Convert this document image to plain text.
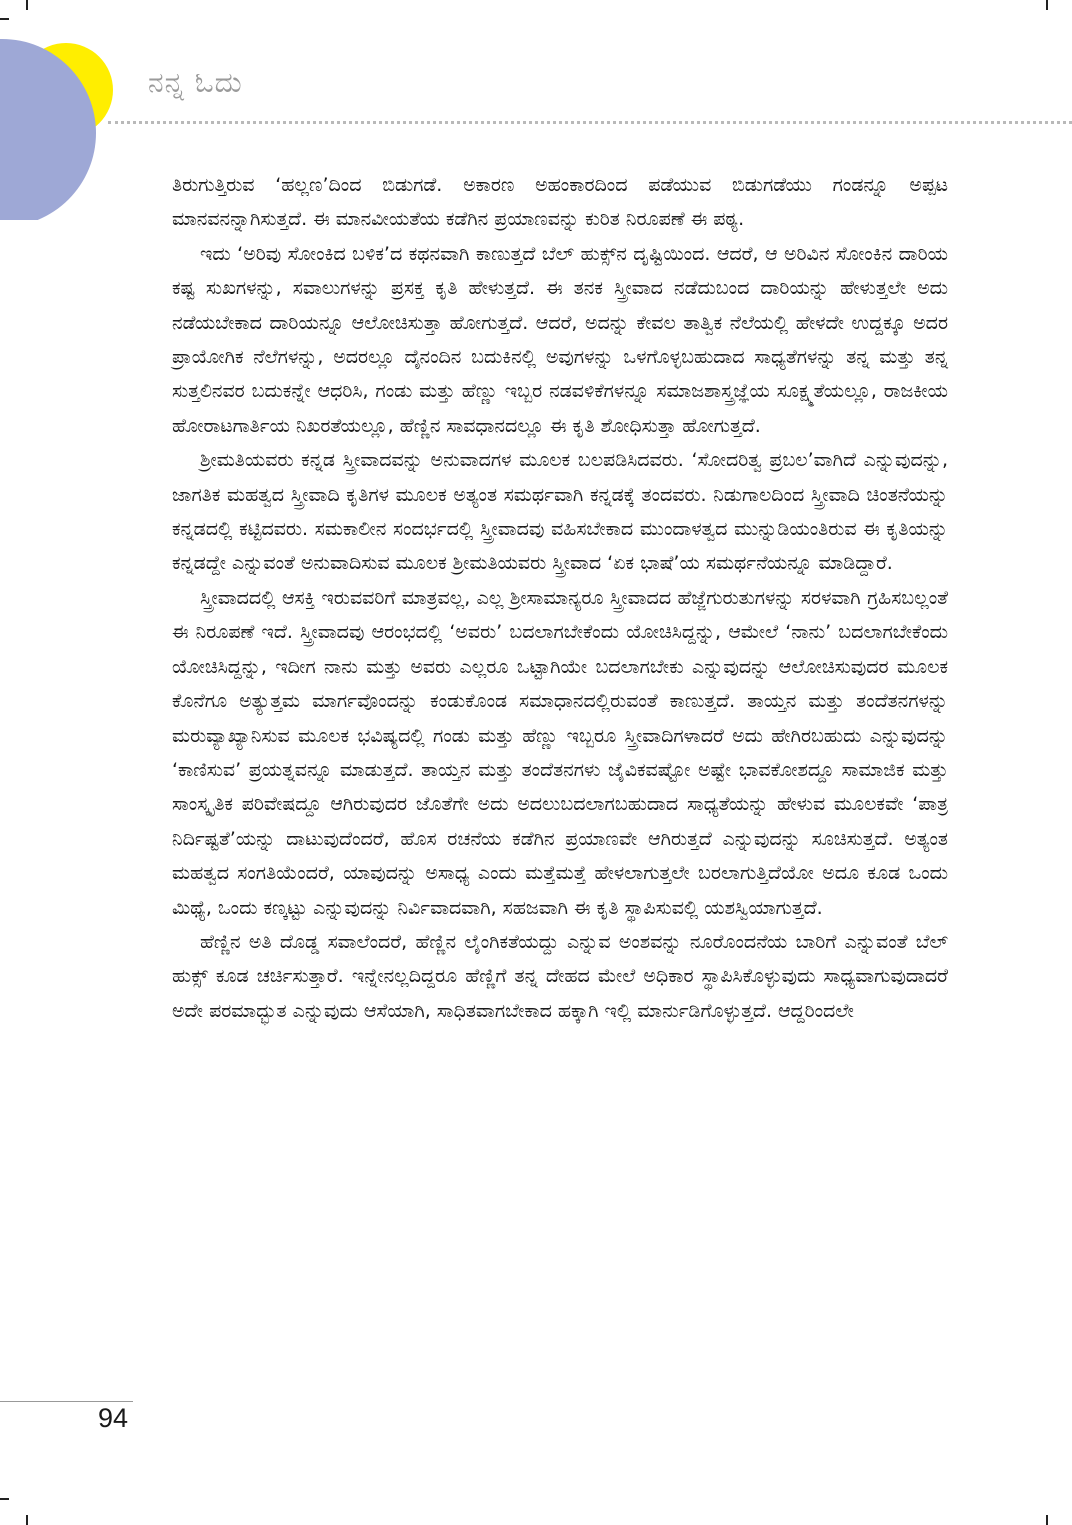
ನನ್ನ ಓದು

ತಿರುಗುತ್ತಿರುವ ‘ಹಲ್ಲಣ’ದಿಂದ ಬಿಡುಗಡೆ. ಅಕಾರಣ ಅಹಂಕಾರದಿಂದ ಪಡೆಯುವ ಬಿಡುಗಡೆಯು ಗಂಡನ್ನೂ ಅಪ್ಪಟ ಮಾನವನನ್ನಾಗಿಸುತ್ತದೆ. ಈ ಮಾನವೀಯತೆಯ ಕಡೆಗಿನ ಪ್ರಯಾಣವನ್ನು ಕುರಿತ ನಿರೂಪಣೆ ಈ ಪಠ್ಯ.

ಇದು ‘ಅರಿವು ಸೋಂಕಿದ ಬಳಿಕ’ದ ಕಥನವಾಗಿ ಕಾಣುತ್ತದೆ ಬೆಲ್ ಹುಕ್ಸ್‌ನ ದೃಷ್ಟಿಯಿಂದ. ಆದರೆ, ಆ ಅರಿವಿನ ಸೋಂಕಿನ ದಾರಿಯ ಕಷ್ಟ ಸುಖಗಳನ್ನು, ಸವಾಲುಗಳನ್ನು ಪ್ರಸಕ್ತ ಕೃತಿ ಹೇಳುತ್ತದೆ. ಈ ತನಕ ಸ್ತ್ರೀವಾದ ನಡೆದುಬಂದ ದಾರಿಯನ್ನು ಹೇಳುತ್ತಲೇ ಅದು ನಡೆಯಬೇಕಾದ ದಾರಿಯನ್ನೂ ಆಲೋಚಿಸುತ್ತಾ ಹೋಗುತ್ತದೆ. ಆದರೆ, ಅದನ್ನು ಕೇವಲ ತಾತ್ವಿಕ ನೆಲೆಯಲ್ಲಿ ಹೇಳದೇ ಉದ್ದಕ್ಕೂ ಅದರ ಪ್ರಾಯೋಗಿಕ ನೆಲೆಗಳನ್ನು, ಅದರಲ್ಲೂ ದೈನಂದಿನ ಬದುಕಿನಲ್ಲಿ ಅವುಗಳನ್ನು ಒಳಗೊಳ್ಳಬಹುದಾದ ಸಾಧ್ಯತೆಗಳನ್ನು ತನ್ನ ಮತ್ತು ತನ್ನ ಸುತ್ತಲಿನವರ ಬದುಕನ್ನೇ ಆಧರಿಸಿ, ಗಂಡು ಮತ್ತು ಹೆಣ್ಣು ಇಬ್ಬರ ನಡವಳಿಕೆಗಳನ್ನೂ ಸಮಾಜಶಾಸ್ತ್ರಜ್ಞೆಯ ಸೂಕ್ಷ್ಮತೆಯಲ್ಲೂ, ರಾಜಕೀಯ ಹೋರಾಟಗಾರ್ತಿಯ ನಿಖರತೆಯಲ್ಲೂ, ಹೆಣ್ಣಿನ ಸಾವಧಾನದಲ್ಲೂ ಈ ಕೃತಿ ಶೋಧಿಸುತ್ತಾ ಹೋಗುತ್ತದೆ.

ಶ್ರೀಮತಿಯವರು ಕನ್ನಡ ಸ್ತ್ರೀವಾದವನ್ನು ಅನುವಾದಗಳ ಮೂಲಕ ಬಲಪಡಿಸಿದವರು. ‘ಸೋದರಿತ್ವ ಪ್ರಬಲ’ವಾಗಿದೆ ಎನ್ನುವುದನ್ನು, ಜಾಗತಿಕ ಮಹತ್ವದ ಸ್ತ್ರೀವಾದಿ ಕೃತಿಗಳ ಮೂಲಕ ಅತ್ಯಂತ ಸಮರ್ಥವಾಗಿ ಕನ್ನಡಕ್ಕೆ ತಂದವರು. ನಿಡುಗಾಲದಿಂದ ಸ್ತ್ರೀವಾದಿ ಚಿಂತನೆಯನ್ನು ಕನ್ನಡದಲ್ಲಿ ಕಟ್ಟಿದವರು. ಸಮಕಾಲೀನ ಸಂದರ್ಭದಲ್ಲಿ ಸ್ತ್ರೀವಾದವು ವಹಿಸಬೇಕಾದ ಮುಂದಾಳತ್ವದ ಮುನ್ನುಡಿಯಂತಿರುವ ಈ ಕೃತಿಯನ್ನು ಕನ್ನಡದ್ದೇ ಎನ್ನುವಂತೆ ಅನುವಾದಿಸುವ ಮೂಲಕ ಶ್ರೀಮತಿಯವರು ಸ್ತ್ರೀವಾದ ‘ಏಕ ಭಾಷೆ’ಯ ಸಮರ್ಥನೆಯನ್ನೂ ಮಾಡಿದ್ದಾರೆ.

ಸ್ತ್ರೀವಾದದಲ್ಲಿ ಆಸಕ್ತಿ ಇರುವವರಿಗೆ ಮಾತ್ರವಲ್ಲ, ಎಲ್ಲ ಶ್ರೀಸಾಮಾನ್ಯರೂ ಸ್ತ್ರೀವಾದದ ಹೆಜ್ಜೆಗುರುತುಗಳನ್ನು ಸರಳವಾಗಿ ಗ್ರಹಿಸಬಲ್ಲಂತೆ ಈ ನಿರೂಪಣೆ ಇದೆ. ಸ್ತ್ರೀವಾದವು ಆರಂಭದಲ್ಲಿ ‘ಅವರು’ ಬದಲಾಗಬೇಕೆಂದು ಯೋಚಿಸಿದ್ದನ್ನು, ಆಮೇಲೆ ‘ನಾನು’ ಬದಲಾಗಬೇಕೆಂದು ಯೋಚಿಸಿದ್ದನ್ನು, ಇದೀಗ ನಾನು ಮತ್ತು ಅವರು ಎಲ್ಲರೂ ಒಟ್ಟಾಗಿಯೇ ಬದಲಾಗಬೇಕು ಎನ್ನುವುದನ್ನು ಆಲೋಚಿಸುವುದರ ಮೂಲಕ ಕೊನೆಗೂ ಅತ್ಯುತ್ತಮ ಮಾರ್ಗವೊಂದನ್ನು ಕಂಡುಕೊಂಡ ಸಮಾಧಾನದಲ್ಲಿರುವಂತೆ ಕಾಣುತ್ತದೆ. ತಾಯ್ತನ ಮತ್ತು ತಂದೆತನಗಳನ್ನು ಮರುವ್ಯಾಖ್ಯಾನಿಸುವ ಮೂಲಕ ಭವಿಷ್ಯದಲ್ಲಿ ಗಂಡು ಮತ್ತು ಹೆಣ್ಣು ಇಬ್ಬರೂ ಸ್ತ್ರೀವಾದಿಗಳಾದರೆ ಅದು ಹೇಗಿರಬಹುದು ಎನ್ನುವುದನ್ನು ‘ಕಾಣಿಸುವ’ ಪ್ರಯತ್ನವನ್ನೂ ಮಾಡುತ್ತದೆ. ತಾಯ್ತನ ಮತ್ತು ತಂದೆತನಗಳು ಜೈವಿಕವಷ್ಟೋ ಅಷ್ಟೇ ಭಾವಕೋಶದ್ದೂ ಸಾಮಾಜಿಕ ಮತ್ತು ಸಾಂಸ್ಕೃತಿಕ ಪರಿವೇಷದ್ದೂ ಆಗಿರುವುದರ ಜೊತೆಗೇ ಅದು ಅದಲುಬದಲಾಗಬಹುದಾದ ಸಾಧ್ಯತೆಯನ್ನು ಹೇಳುವ ಮೂಲಕವೇ ‘ಪಾತ್ರ ನಿರ್ದಿಷ್ಟತೆ’ಯನ್ನು ದಾಟುವುದೆಂದರೆ, ಹೊಸ ರಚನೆಯ ಕಡೆಗಿನ ಪ್ರಯಾಣವೇ ಆಗಿರುತ್ತದೆ ಎನ್ನುವುದನ್ನು ಸೂಚಿಸುತ್ತದೆ. ಅತ್ಯಂತ ಮಹತ್ವದ ಸಂಗತಿಯೆಂದರೆ, ಯಾವುದನ್ನು ಅಸಾಧ್ಯ ಎಂದು ಮತ್ತೆಮತ್ತೆ ಹೇಳಲಾಗುತ್ತಲೇ ಬರಲಾಗುತ್ತಿದೆಯೋ ಅದೂ ಕೂಡ ಒಂದು ಮಿಥ್ಯೆ, ಒಂದು ಕಣ್ಕಟ್ಟು ಎನ್ನುವುದನ್ನು ನಿರ್ವಿವಾದವಾಗಿ, ಸಹಜವಾಗಿ ಈ ಕೃತಿ ಸ್ಥಾಪಿಸುವಲ್ಲಿ ಯಶಸ್ವಿಯಾಗುತ್ತದೆ.

ಹೆಣ್ಣಿನ ಅತಿ ದೊಡ್ಡ ಸವಾಲೆಂದರೆ, ಹೆಣ್ಣಿನ ಲೈಂಗಿಕತೆಯದ್ದು ಎನ್ನುವ ಅಂಶವನ್ನು ನೂರೊಂದನೆಯ ಬಾರಿಗೆ ಎನ್ನುವಂತೆ ಬೆಲ್ ಹುಕ್ಸ್ ಕೂಡ ಚರ್ಚಿಸುತ್ತಾರೆ. ಇನ್ನೇನಲ್ಲದಿದ್ದರೂ ಹೆಣ್ಣಿಗೆ ತನ್ನ ದೇಹದ ಮೇಲೆ ಅಧಿಕಾರ ಸ್ಥಾಪಿಸಿಕೊಳ್ಳುವುದು ಸಾಧ್ಯವಾಗುವುದಾದರೆ ಅದೇ ಪರಮಾದ್ಭುತ ಎನ್ನುವುದು ಆಸೆಯಾಗಿ, ಸಾಧಿತವಾಗಬೇಕಾದ ಹಕ್ಕಾಗಿ ಇಲ್ಲಿ ಮಾರ್ನುಡಿಗೊಳ್ಳುತ್ತದೆ. ಆದ್ದರಿಂದಲೇ

94
